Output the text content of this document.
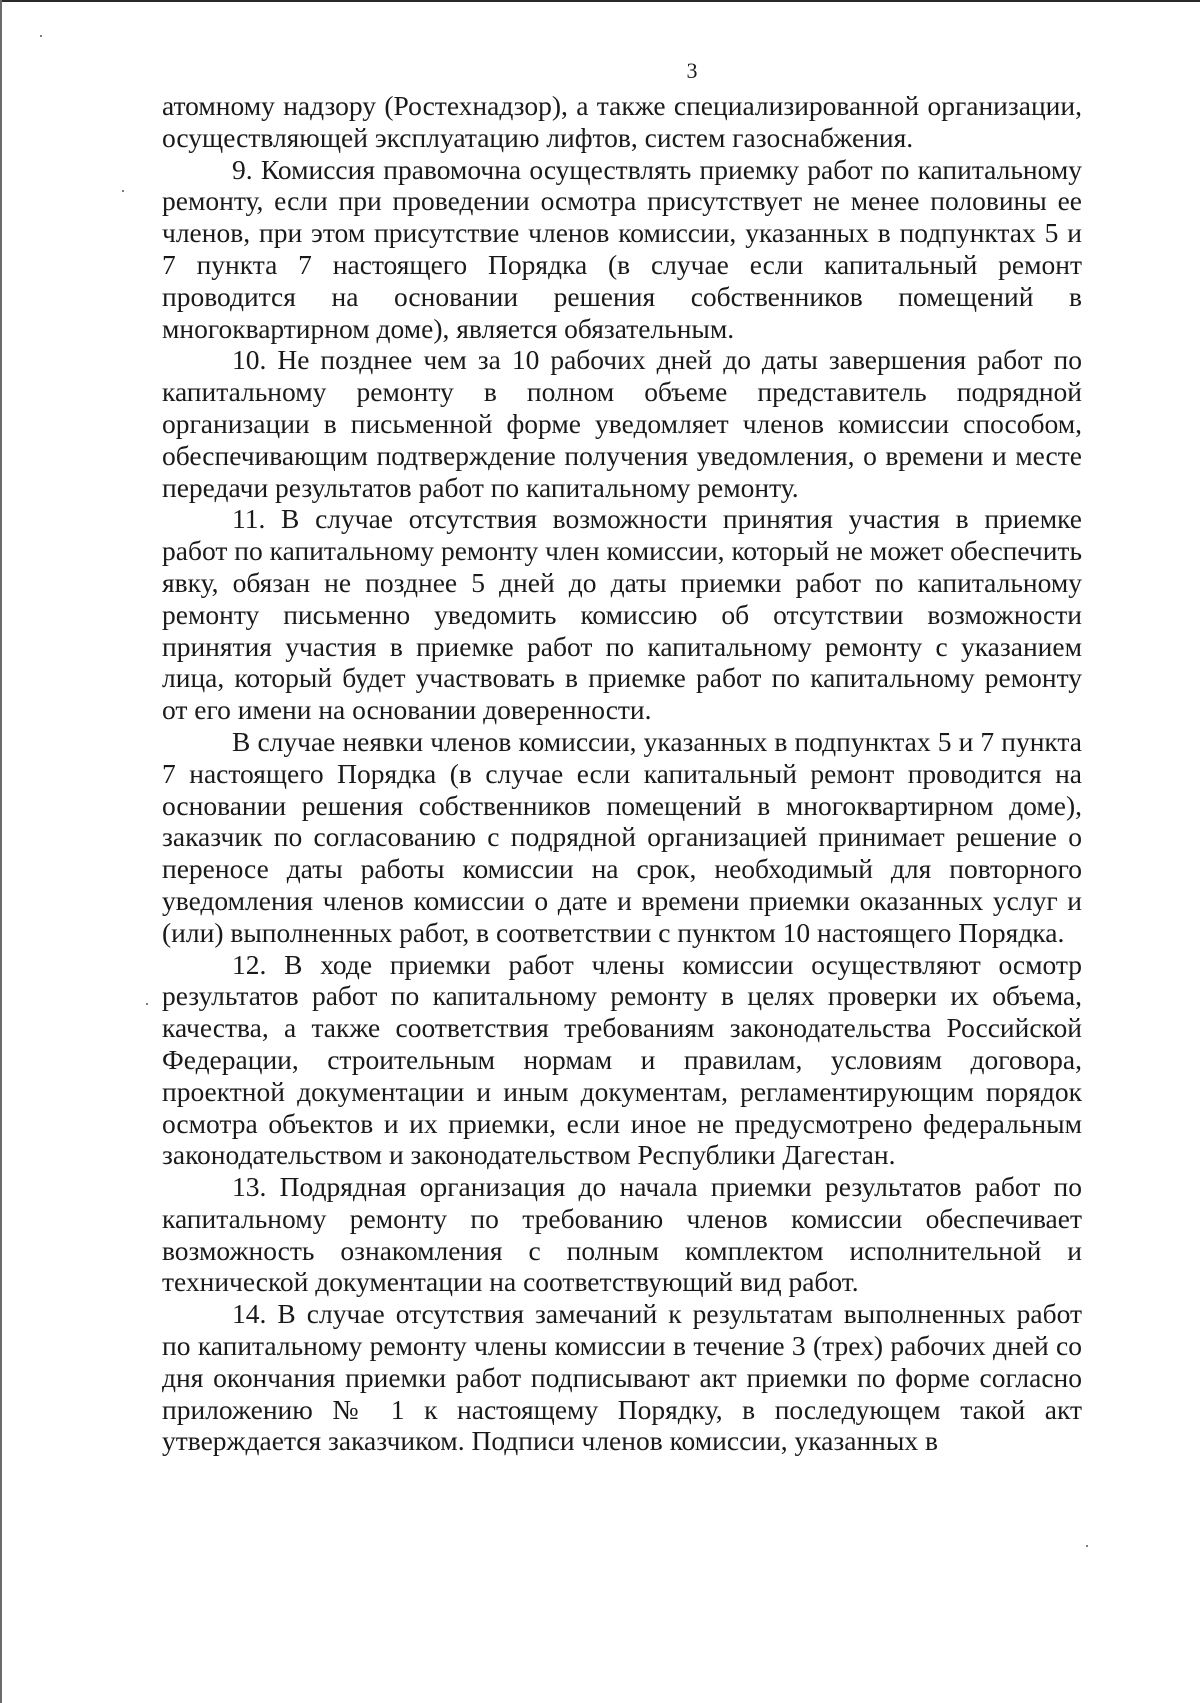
3

атомному надзору (Ростехнадзор), а также специализированной организации, осуществляющей эксплуатацию лифтов, систем газоснабжения.

9. Комиссия правомочна осуществлять приемку работ по капитальному ремонту, если при проведении осмотра присутствует не менее половины ее членов, при этом присутствие членов комиссии, указанных в подпунктах 5 и 7 пункта 7 настоящего Порядка (в случае если капитальный ремонт проводится на основании решения собственников помещений в многоквартирном доме), является обязательным.

10. Не позднее чем за 10 рабочих дней до даты завершения работ по капитальному ремонту в полном объеме представитель подрядной организации в письменной форме уведомляет членов комиссии способом, обеспечивающим подтверждение получения уведомления, о времени и месте передачи результатов работ по капитальному ремонту.

11. В случае отсутствия возможности принятия участия в приемке работ по капитальному ремонту член комиссии, который не может обеспечить явку, обязан не позднее 5 дней до даты приемки работ по капитальному ремонту письменно уведомить комиссию об отсутствии возможности принятия участия в приемке работ по капитальному ремонту с указанием лица, который будет участвовать в приемке работ по капитальному ремонту от его имени на основании доверенности.

В случае неявки членов комиссии, указанных в подпунктах 5 и 7 пункта 7 настоящего Порядка (в случае если капитальный ремонт проводится на основании решения собственников помещений в многоквартирном доме), заказчик по согласованию с подрядной организацией принимает решение о переносе даты работы комиссии на срок, необходимый для повторного уведомления членов комиссии о дате и времени приемки оказанных услуг и (или) выполненных работ, в соответствии с пунктом 10 настоящего Порядка.

12. В ходе приемки работ члены комиссии осуществляют осмотр результатов работ по капитальному ремонту в целях проверки их объема, качества, а также соответствия требованиям законодательства Российской Федерации, строительным нормам и правилам, условиям договора, проектной документации и иным документам, регламентирующим порядок осмотра объектов и их приемки, если иное не предусмотрено федеральным законодательством и законодательством Республики Дагестан.

13. Подрядная организация до начала приемки результатов работ по капитальному ремонту по требованию членов комиссии обеспечивает возможность ознакомления с полным комплектом исполнительной и технической документации на соответствующий вид работ.

14. В случае отсутствия замечаний к результатам выполненных работ по капитальному ремонту члены комиссии в течение 3 (трех) рабочих дней со дня окончания приемки работ подписывают акт приемки по форме согласно приложению № 1 к настоящему Порядку, в последующем такой акт утверждается заказчиком. Подписи членов комиссии, указанных в
